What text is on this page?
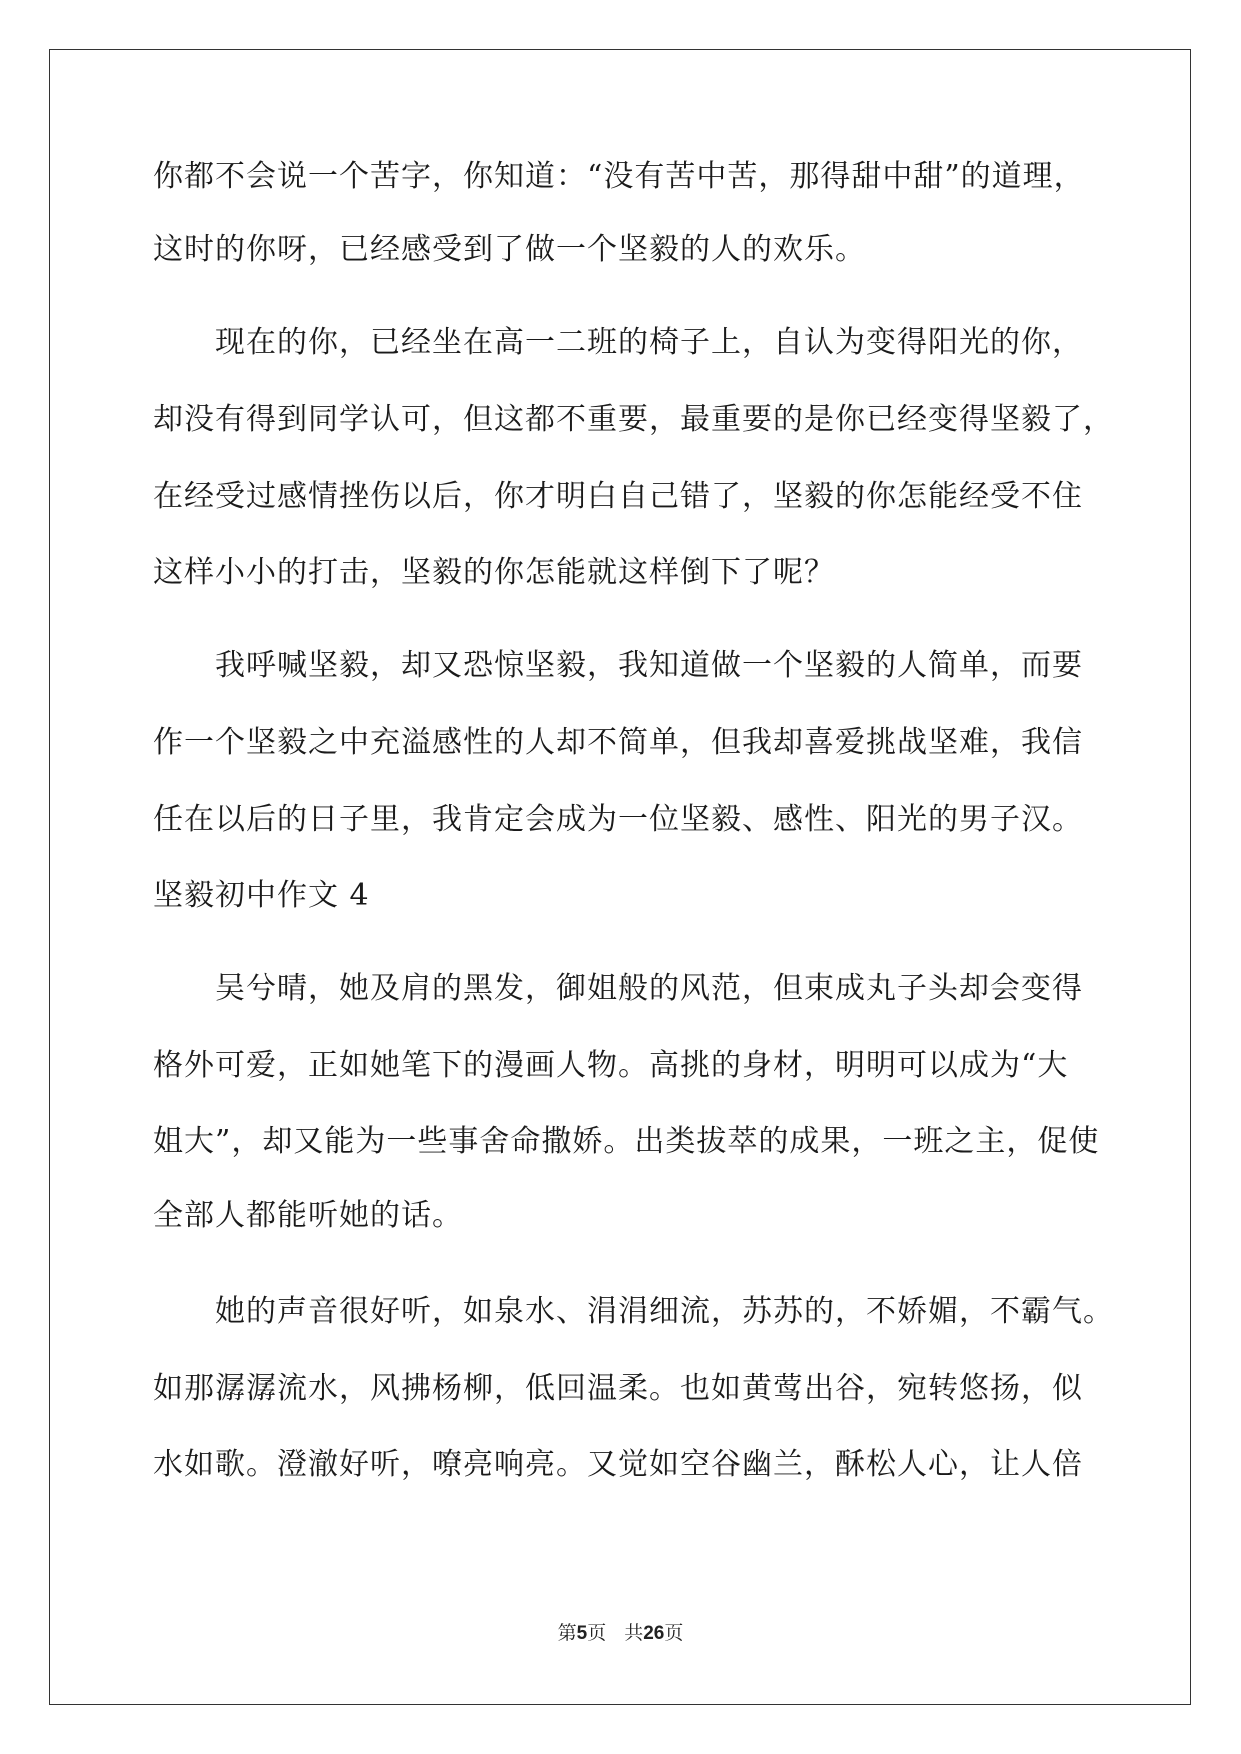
你都不会说一个苦字，你知道：“没有苦中苦，那得甜中甜”的道理，
这时的你呀，已经感受到了做一个坚毅的人的欢乐。
现在的你，已经坐在高一二班的椅子上，自认为变得阳光的你，
却没有得到同学认可，但这都不重要，最重要的是你已经变得坚毅了，
在经受过感情挫伤以后，你才明白自己错了，坚毅的你怎能经受不住
这样小小的打击，坚毅的你怎能就这样倒下了呢？
我呼喊坚毅，却又恐惊坚毅，我知道做一个坚毅的人简单，而要
作一个坚毅之中充溢感性的人却不简单，但我却喜爱挑战坚难，我信
任在以后的日子里，我肯定会成为一位坚毅、感性、阳光的男子汉。
坚毅初中作文 4
吴兮晴，她及肩的黑发，御姐般的风范，但束成丸子头却会变得
格外可爱，正如她笔下的漫画人物。高挑的身材，明明可以成为“大
姐大”，却又能为一些事舍命撒娇。出类拔萃的成果，一班之主，促使
全部人都能听她的话。
她的声音很好听，如泉水、涓涓细流，苏苏的，不娇媚，不霸气。
如那潺潺流水，风拂杨柳，低回温柔。也如黄莺出谷，宛转悠扬，似
水如歌。澄澈好听，嘹亮响亮。又觉如空谷幽兰，酥松人心，让人倍
第5页 共26页
